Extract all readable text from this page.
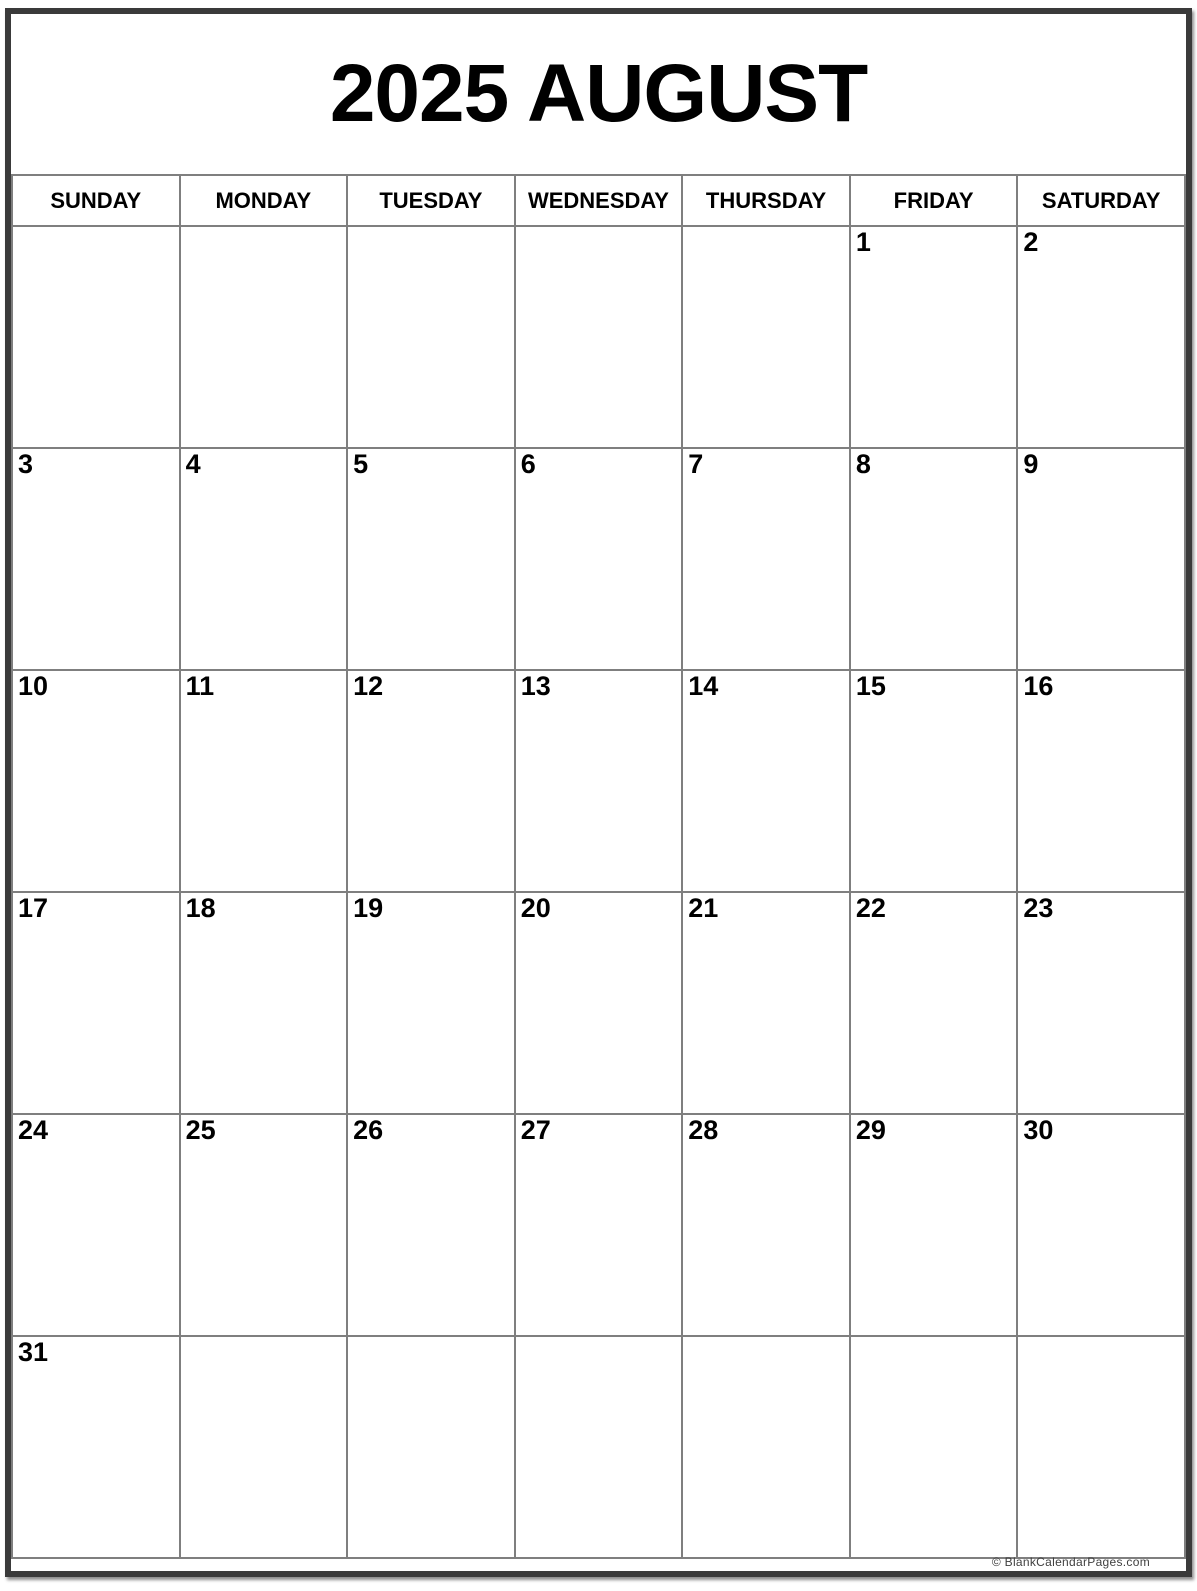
2025 AUGUST
SUNDAY	MONDAY	TUESDAY	WEDNESDAY	THURSDAY	FRIDAY	SATURDAY
					1	2
3	4	5	6	7	8	9
10	11	12	13	14	15	16
17	18	19	20	21	22	23
24	25	26	27	28	29	30
31						
© BlankCalendarPages.com
